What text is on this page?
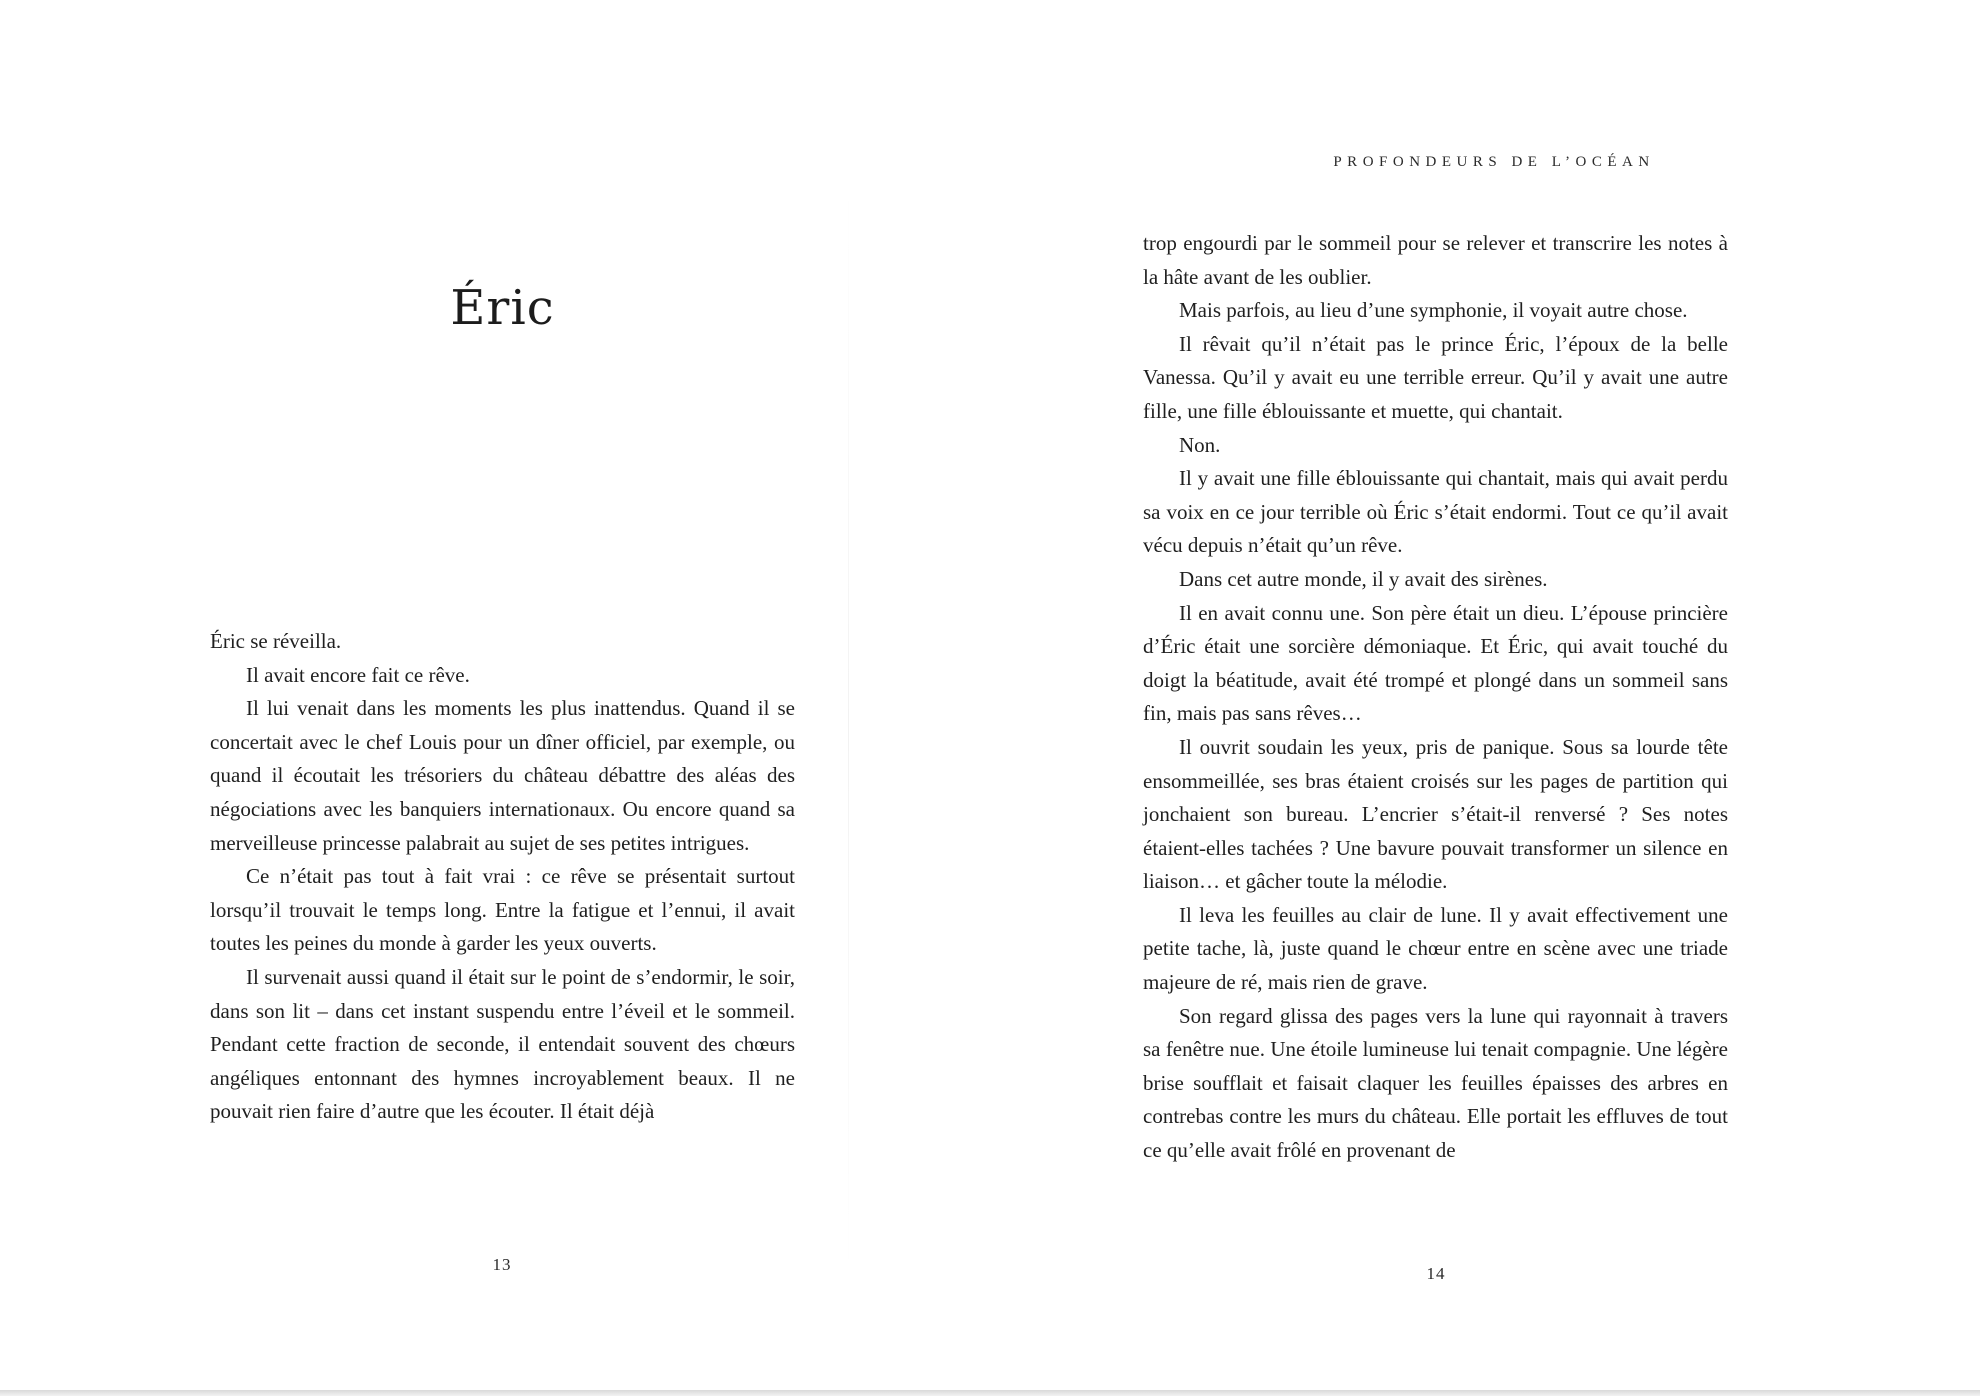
Éric

Éric se réveilla.

Il avait encore fait ce rêve.

Il lui venait dans les moments les plus inattendus. Quand il se concertait avec le chef Louis pour un dîner officiel, par exemple, ou quand il écoutait les trésoriers du château débattre des aléas des négociations avec les banquiers internationaux. Ou encore quand sa merveilleuse princesse palabrait au sujet de ses petites intrigues.

Ce n’était pas tout à fait vrai : ce rêve se présentait surtout lorsqu’il trouvait le temps long. Entre la fatigue et l’ennui, il avait toutes les peines du monde à garder les yeux ouverts.

Il survenait aussi quand il était sur le point de s’endormir, le soir, dans son lit – dans cet instant suspendu entre l’éveil et le sommeil. Pendant cette fraction de seconde, il entendait souvent des chœurs angéliques entonnant des hymnes incroyablement beaux. Il ne pouvait rien faire d’autre que les écouter. Il était déjà

13
PROFONDEURS DE L’OCÉAN

trop engourdi par le sommeil pour se relever et transcrire les notes à la hâte avant de les oublier.

Mais parfois, au lieu d’une symphonie, il voyait autre chose.

Il rêvait qu’il n’était pas le prince Éric, l’époux de la belle Vanessa. Qu’il y avait eu une terrible erreur. Qu’il y avait une autre fille, une fille éblouissante et muette, qui chantait.

Non.

Il y avait une fille éblouissante qui chantait, mais qui avait perdu sa voix en ce jour terrible où Éric s’était endormi. Tout ce qu’il avait vécu depuis n’était qu’un rêve.

Dans cet autre monde, il y avait des sirènes.

Il en avait connu une. Son père était un dieu. L’épouse princière d’Éric était une sorcière démoniaque. Et Éric, qui avait touché du doigt la béatitude, avait été trompé et plongé dans un sommeil sans fin, mais pas sans rêves…

Il ouvrit soudain les yeux, pris de panique. Sous sa lourde tête ensommeillée, ses bras étaient croisés sur les pages de partition qui jonchaient son bureau. L’encrier s’était-il renversé ? Ses notes étaient-elles tachées ? Une bavure pouvait transformer un silence en liaison… et gâcher toute la mélodie.

Il leva les feuilles au clair de lune. Il y avait effectivement une petite tache, là, juste quand le chœur entre en scène avec une triade majeure de ré, mais rien de grave.

Son regard glissa des pages vers la lune qui rayonnait à travers sa fenêtre nue. Une étoile lumineuse lui tenait compagnie. Une légère brise soufflait et faisait claquer les feuilles épaisses des arbres en contrebas contre les murs du château. Elle portait les effluves de tout ce qu’elle avait frôlé en provenant de

14
